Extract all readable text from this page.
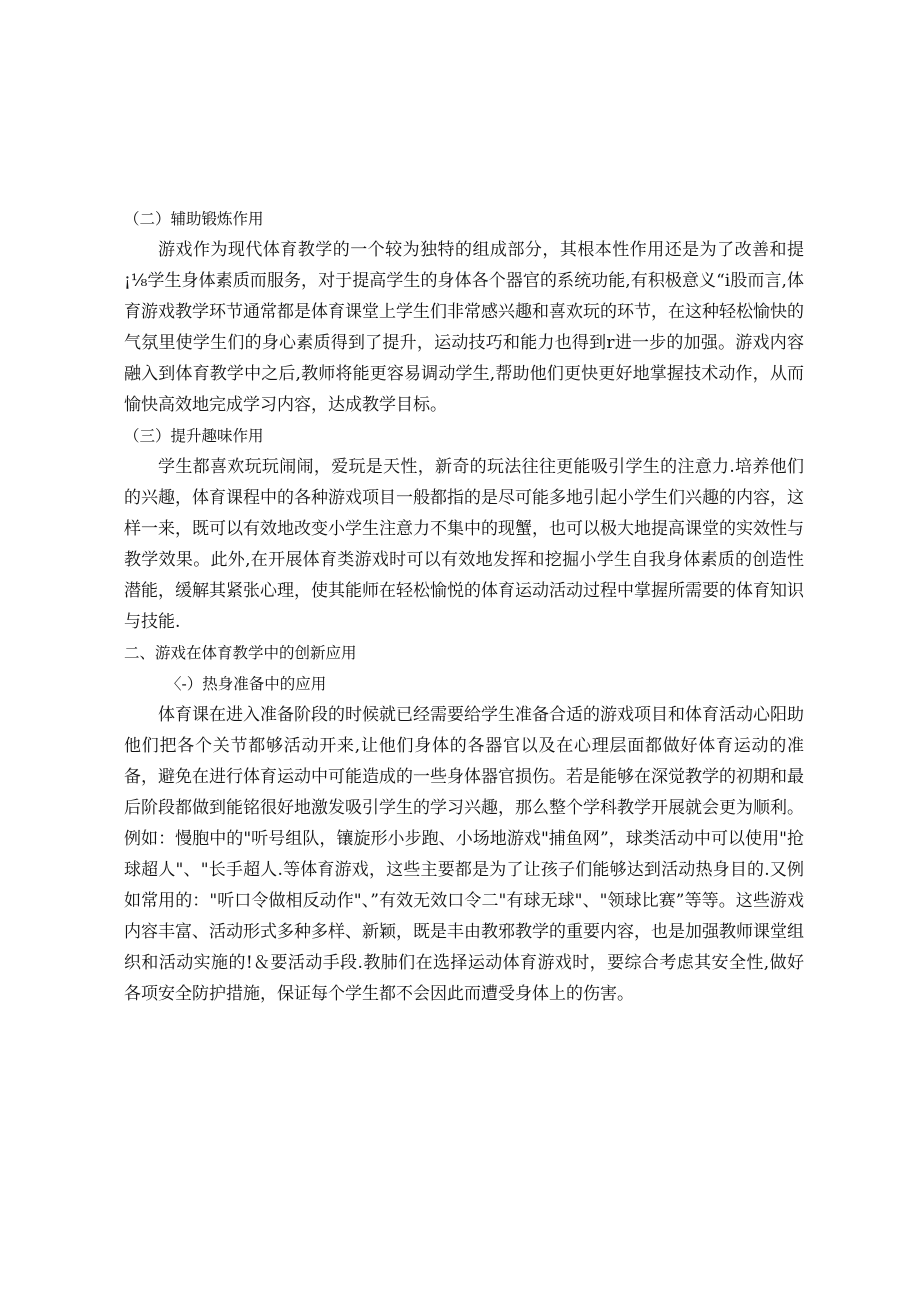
（二）辅助锻炼作用

游戏作为现代体育教学的一个较为独特的组成部分，其根本性作用还是为了改善和提¡⅛学生身体素质而服务，对于提高学生的身体各个器官的系统功能,有积极意义“i股而言,体育游戏教学环节通常都是体育课堂上学生们非常感兴趣和喜欢玩的环节，在这种轻松愉快的气氛里使学生们的身心素质得到了提升，运动技巧和能力也得到r进一步的加强。游戏内容融入到体育教学中之后,教师将能更容易调动学生,帮助他们更快更好地掌握技术动作，从而愉快高效地完成学习内容，达成教学目标。

（三）提升趣味作用

学生都喜欢玩玩闹闹，爱玩是天性，新奇的玩法往往更能吸引学生的注意力.培养他们的兴趣，体育课程中的各种游戏项目一般都指的是尽可能多地引起小学生们兴趣的内容，这样一来，既可以有效地改变小学生注意力不集中的现蟹，也可以极大地提高课堂的实效性与教学效果。此外,在开展体育类游戏时可以有效地发挥和挖掘小学生自我身体素质的创造性潜能，缓解其紧张心理，使其能师在轻松愉悦的体育运动活动过程中掌握所需要的体育知识与技能.

二、游戏在体育教学中的创新应用
〈-）热身准备中的应用

体育课在进入准备阶段的时候就已经需要给学生准备合适的游戏项目和体育活动心阳助他们把各个关节都够活动开来,让他们身体的各器官以及在心理层面都做好体育运动的准备，避免在进行体育运动中可能造成的一些身体器官损伤。若是能够在深觉教学的初期和最后阶段都做到能铭很好地激发吸引学生的学习兴趣，那么整个学科教学开展就会更为顺利。例如：慢胞中的"听号组队，镶旋形小步跑、小场地游戏"捕鱼网”，球类活动中可以使用"抢球超人"、"长手超人.等体育游戏，这些主要都是为了让孩子们能够达到活动热身目的.又例如常用的："听口令做相反动作"、”有效无效口令二"有球无球"、"领球比赛”等等。这些游戏内容丰富、活动形式多种多样、新颖，既是丰由教邪教学的重要内容，也是加强教师课堂组织和活动实施的!＆要活动手段.教肺们在选择运动体育游戏时，要综合考虑其安全性,做好各项安全防护措施，保证每个学生都不会因此而遭受身体上的伤害。
